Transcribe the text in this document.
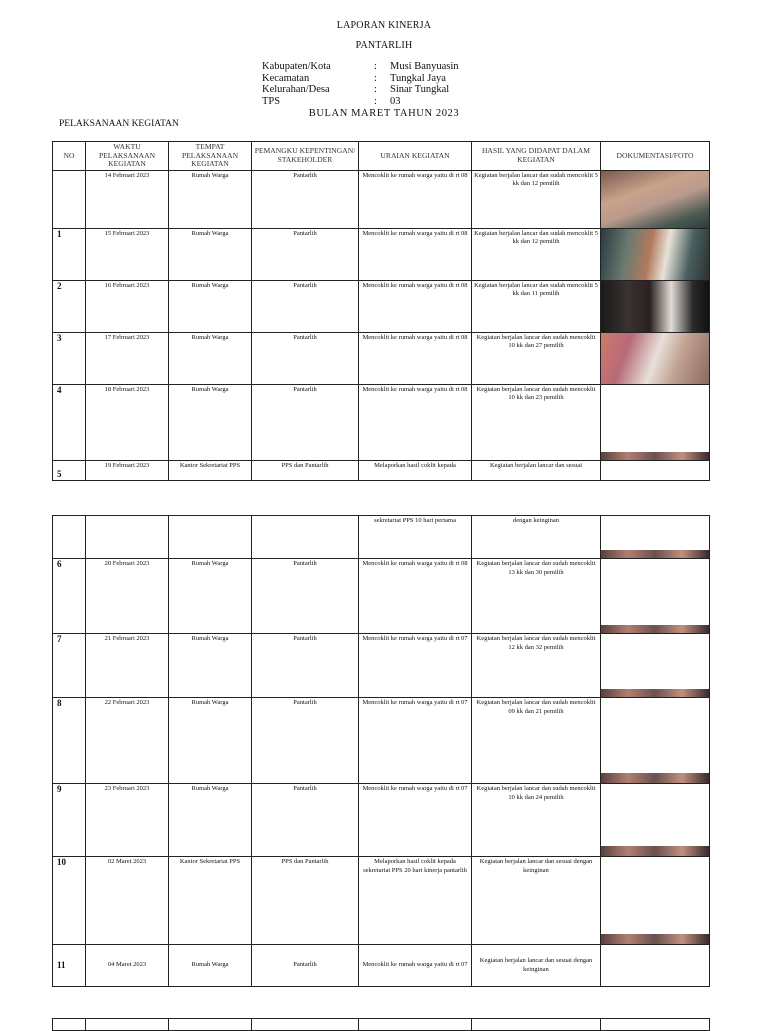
LAPORAN KINERJA
PANTARLIH
Kabupaten/Kota	:	Musi Banyuasin
Kecamatan	:	Tungkal Jaya
Kelurahan/Desa	:	Sinar Tungkal
TPS	:	03
BULAN MARET TAHUN 2023
PELAKSANAAN KEGIATAN
NO	WAKTU PELAKSANAAN KEGIATAN	TEMPAT PELAKSANAAN KEGIATAN	PEMANGKU KEPENTINGAN/ STAKEHOLDER	URAIAN KEGIATAN	HASIL YANG DIDAPAT DALAM KEGIATAN	DOKUMENTASI/FOTO
	14 Februari 2023	Rumah Warga	Pantarlih	Mencoklit ke rumah warga yaitu di rt 08	Kegiatan berjalan lancar dan sudah mencoklit 5 kk dan 12 pemilih	

1	15 Februari 2023	Rumah Warga	Pantarlih	Mencoklit ke rumah warga yaitu di rt 08	Kegiatan berjalan lancar dan sudah mencoklit 5 kk dan 12 pemilih	

2	16 Februari 2023	Rumah Warga	Pantarlih	Mencoklit ke rumah warga yaitu di rt 08	Kegiatan berjalan lancar dan sudah mencoklit 5 kk dan 11 pemilih	

3	17 Februari 2023	Rumah Warga	Pantarlih	Mencoklit ke rumah warga yaitu di rt 08	Kegiatan berjalan lancar dan sudah mencoklit 10 kk dan 27 pemilih	

4	18 Februari 2023	Rumah Warga	Pantarlih	Mencoklit ke rumah warga yaitu di rt 08	Kegiatan berjalan lancar dan sudah mencoklit 10 kk dan 23 pemilih	

5	19 Februari 2023	Kantor Sekretariat PPS	PPS dan Pantarlih	Melaporkan hasil coklit kepada	Kegiatan berjalan lancar dan sesuai	
				sekretariat PPS 10 hari pertama	dengan keinginan	

6	20 Februari 2023	Rumah Warga	Pantarlih	Mencoklit ke rumah warga yaitu di rt 08	Kegiatan berjalan lancar dan sudah mencoklit 13 kk dan 30 pemilih	

7	21 Februari 2023	Rumah Warga	Pantarlih	Mencoklit ke rumah warga yaitu di rt 07	Kegiatan berjalan lancar dan sudah mencoklit 12 kk dan 32 pemilih	

8	22 Februari 2023	Rumah Warga	Pantarlih	Mencoklit ke rumah warga yaitu di rt 07	Kegiatan berjalan lancar dan sudah mencoklit 09 kk dan 21 pemilih	

9	23 Februari 2023	Rumah Warga	Pantarlih	Mencoklit ke rumah warga yaitu di rt 07	Kegiatan berjalan lancar dan sudah mencoklit 10 kk dan 24 pemilih	

10	02 Maret 2023	Kantor Sekretariat PPS	PPS dan Pantarlih	Melaporkan hasil coklit kepada sekretariat PPS 20 hari kinerja pantarlih	Kegiatan berjalan lancar dan sesuai dengan keinginan	

11	04 Maret 2023	Rumah Warga	Pantarlih	Mencoklit ke rumah warga yaitu di rt 07	Kegiatan berjalan lancar dan sesuai dengan keinginan	
